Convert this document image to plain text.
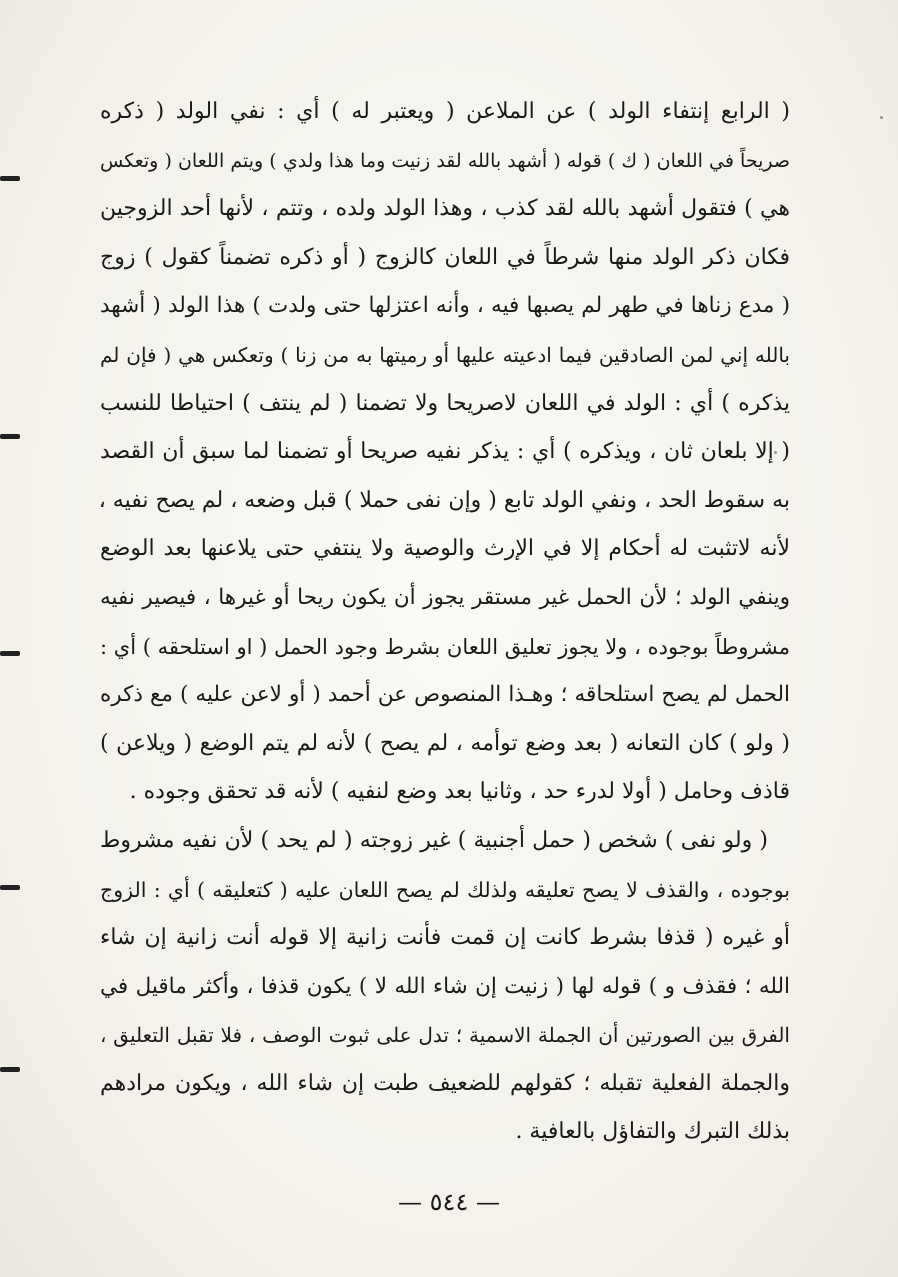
( الرابع إنتفاء الولد ) عن الملاعن ( ويعتبر له ) أي : نفي الولد ( ذكره
صريحاً في اللعان ( ك ) قوله ( أشهد بالله لقد زنيت وما هذا ولدي ) ويتم اللعان ( وتعكس
هي ) فتقول أشهد بالله لقد كذب ، وهذا الولد ولده ، وتتم ، لأنها أحد الزوجين
فكان ذكر الولد منها شرطاً في اللعان كالزوج ( أو ذكره تضمناً كقول ) زوج
( مدع زناها في طهر لم يصبها فيه ، وأنه اعتزلها حتى ولدت ) هذا الولد ( أشهد
بالله إني لمن الصادقين فيما ادعيته عليها أو رميتها به من زنا ) وتعكس هي ( فإن لم
يذكره ) أي : الولد في اللعان لاصريحا ولا تضمنا ( لم ينتف ) احتياطا للنسب
( إلا بلعان ثان ، ويذكره ) أي : يذكر نفيه صريحا أو تضمنا لما سبق أن القصد
به سقوط الحد ، ونفي الولد تابع ( وإن نفى حملا ) قبل وضعه ، لم يصح نفيه ،
لأنه لاتثبت له أحكام إلا في الإرث والوصية ولا ينتفي حتى يلاعنها بعد الوضع
وينفي الولد ؛ لأن الحمل غير مستقر يجوز أن يكون ريحا أو غيرها ، فيصير نفيه
مشروطاً بوجوده ، ولا يجوز تعليق اللعان بشرط وجود الحمل ( او استلحقه ) أي :
الحمل لم يصح استلحاقه ؛ وهـذا المنصوص عن أحمد ( أو لاعن عليه ) مع ذكره
( ولو ) كان التعانه ( بعد وضع توأمه ، لم يصح ) لأنه لم يتم الوضع ( ويلاعن )
قاذف وحامل ( أولا لدرء حد ، وثانيا بعد وضع لنفيه ) لأنه قد تحقق وجوده .
( ولو نفى ) شخص ( حمل أجنبية ) غير زوجته ( لم يحد ) لأن نفيه مشروط
بوجوده ، والقذف لا يصح تعليقه ولذلك لم يصح اللعان عليه ( كتعليقه ) أي : الزوج
أو غيره ( قذفا بشرط كانت إن قمت فأنت زانية إلا قوله أنت زانية إن شاء
الله ؛ فقذف و ) قوله لها ( زنيت إن شاء الله لا ) يكون قذفا ، وأكثر ماقيل في
الفرق بين الصورتين أن الجملة الاسمية ؛ تدل على ثبوت الوصف ، فلا تقبل التعليق ،
والجملة الفعلية تقبله ؛ كقولهم للضعيف طبت إن شاء الله ، ويكون مرادهم
بذلك التبرك والتفاؤل بالعافية .
— ٥٤٤ —
